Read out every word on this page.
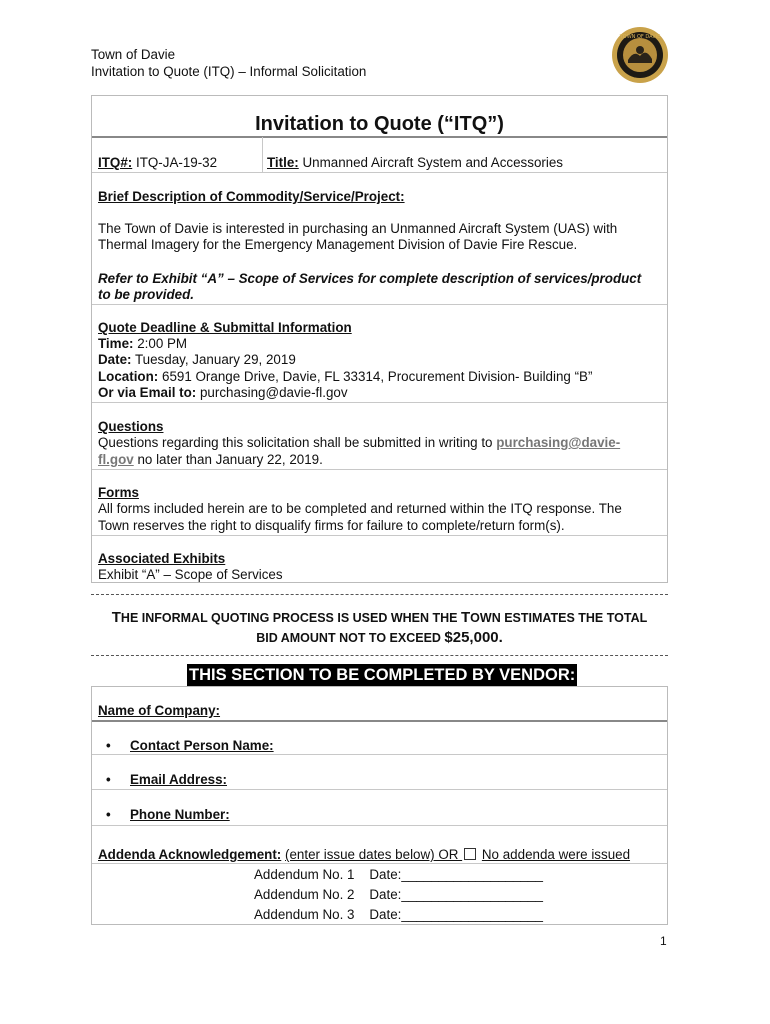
Town of Davie
Invitation to Quote (ITQ) – Informal Solicitation
TOWN OF DAVIE
Invitation to Quote (“ITQ”)
ITQ#: ITQ-JA-19-32	Title: Unmanned Aircraft System and Accessories
Brief Description of Commodity/Service/Project:
The Town of Davie is interested in purchasing an Unmanned Aircraft System (UAS) with
Thermal Imagery for the Emergency Management Division of Davie Fire Rescue.
Refer to Exhibit “A” – Scope of Services for complete description of services/product
to be provided.
Quote Deadline & Submittal Information
Time: 2:00 PM
Date: Tuesday, January 29, 2019
Location: 6591 Orange Drive, Davie, FL 33314, Procurement Division- Building “B”
Or via Email to: purchasing@davie-fl.gov
Questions
Questions regarding this solicitation shall be submitted in writing to purchasing@davie-
fl.gov no later than January 22, 2019.
Forms
All forms included herein are to be completed and returned within the ITQ response. The
Town reserves the right to disqualify firms for failure to complete/return form(s).
Associated Exhibits
Exhibit “A” – Scope of Services
THE INFORMAL QUOTING PROCESS IS USED WHEN THE TOWN ESTIMATES THE TOTAL
BID AMOUNT NOT TO EXCEED $25,000.
THIS SECTION TO BE COMPLETED BY VENDOR:
Name of Company:
• Contact Person Name:
• Email Address:
• Phone Number:
Addenda Acknowledgement: (enter issue dates below) OR  No addenda were issued
Addendum No. 1 Date:___________________
Addendum No. 2 Date:___________________
Addendum No. 3 Date:___________________
1
